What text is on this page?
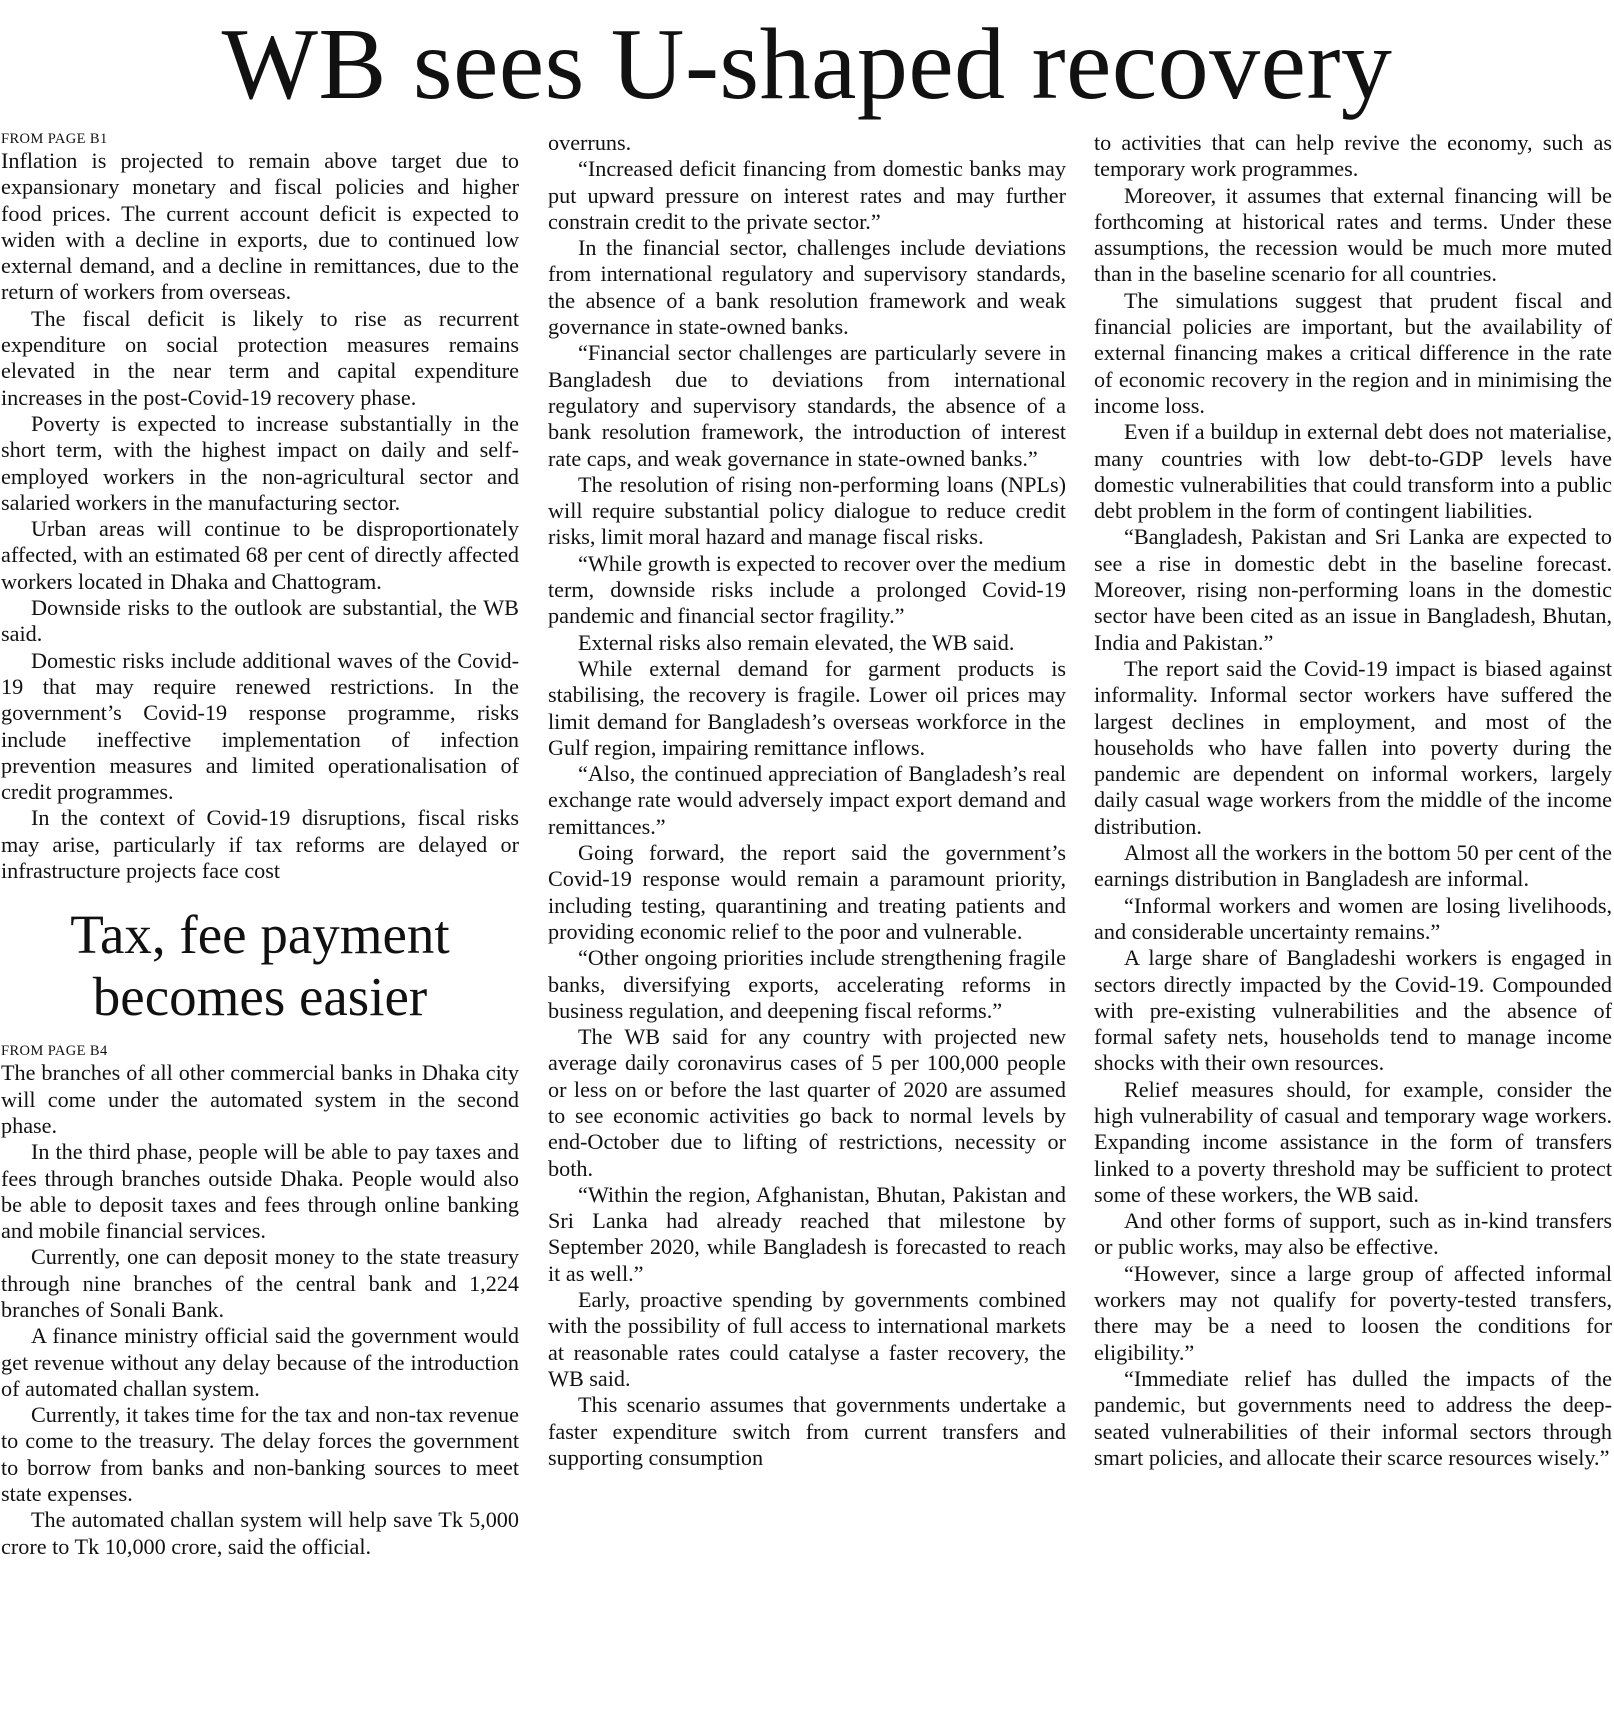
WB sees U-shaped recovery
FROM PAGE B1

Inflation is projected to remain above target due to expansionary monetary and fiscal policies and higher food prices. The current account deficit is expected to widen with a decline in exports, due to continued low external demand, and a decline in remittances, due to the return of workers from overseas.

The fiscal deficit is likely to rise as recurrent expenditure on social protection measures remains elevated in the near term and capital expenditure increases in the post-Covid-19 recovery phase.

Poverty is expected to increase substantially in the short term, with the highest impact on daily and self-employed workers in the non-agricultural sector and salaried workers in the manufacturing sector.

Urban areas will continue to be disproportionately affected, with an estimated 68 per cent of directly affected workers located in Dhaka and Chattogram.

Downside risks to the outlook are substantial, the WB said.

Domestic risks include additional waves of the Covid-19 that may require renewed restrictions. In the government’s Covid-19 response programme, risks include ineffective implementation of infection prevention measures and limited operationalisation of credit programmes.

In the context of Covid-19 disruptions, fiscal risks may arise, particularly if tax reforms are delayed or infrastructure projects face cost

Tax, fee payment
becomes easier
FROM PAGE B4

The branches of all other commercial banks in Dhaka city will come under the automated system in the second phase.

In the third phase, people will be able to pay taxes and fees through branches outside Dhaka. People would also be able to deposit taxes and fees through online banking and mobile financial services.

Currently, one can deposit money to the state treasury through nine branches of the central bank and 1,224 branches of Sonali Bank.

A finance ministry official said the government would get revenue without any delay because of the introduction of automated challan system.

Currently, it takes time for the tax and non-tax revenue to come to the treasury. The delay forces the government to borrow from banks and non-banking sources to meet state expenses.

The automated challan system will help save Tk 5,000 crore to Tk 10,000 crore, said the official.

overruns.

“Increased deficit financing from domestic banks may put upward pressure on interest rates and may further constrain credit to the private sector.”

In the financial sector, challenges include deviations from international regulatory and supervisory standards, the absence of a bank resolution framework and weak governance in state-owned banks.

“Financial sector challenges are particularly severe in Bangladesh due to deviations from international regulatory and supervisory standards, the absence of a bank resolution framework, the introduction of interest rate caps, and weak governance in state-owned banks.”

The resolution of rising non-performing loans (NPLs) will require substantial policy dialogue to reduce credit risks, limit moral hazard and manage fiscal risks.

“While growth is expected to recover over the medium term, downside risks include a prolonged Covid-19 pandemic and financial sector fragility.”

External risks also remain elevated, the WB said.

While external demand for garment products is stabilising, the recovery is fragile. Lower oil prices may limit demand for Bangladesh’s overseas workforce in the Gulf region, impairing remittance inflows.

“Also, the continued appreciation of Bangladesh’s real exchange rate would adversely impact export demand and remittances.”

Going forward, the report said the government’s Covid-19 response would remain a paramount priority, including testing, quarantining and treating patients and providing economic relief to the poor and vulnerable.

“Other ongoing priorities include strengthening fragile banks, diversifying exports, accelerating reforms in business regulation, and deepening fiscal reforms.”

The WB said for any country with projected new average daily coronavirus cases of 5 per 100,000 people or less on or before the last quarter of 2020 are assumed to see economic activities go back to normal levels by end-October due to lifting of restrictions, necessity or both.

“Within the region, Afghanistan, Bhutan, Pakistan and Sri Lanka had already reached that milestone by September 2020, while Bangladesh is forecasted to reach it as well.”

Early, proactive spending by governments combined with the possibility of full access to international markets at reasonable rates could catalyse a faster recovery, the WB said.

This scenario assumes that governments undertake a faster expenditure switch from current transfers and supporting consumption

to activities that can help revive the economy, such as temporary work programmes.

Moreover, it assumes that external financing will be forthcoming at historical rates and terms. Under these assumptions, the recession would be much more muted than in the baseline scenario for all countries.

The simulations suggest that prudent fiscal and financial policies are important, but the availability of external financing makes a critical difference in the rate of economic recovery in the region and in minimising the income loss.

Even if a buildup in external debt does not materialise, many countries with low debt-to-GDP levels have domestic vulnerabilities that could transform into a public debt problem in the form of contingent liabilities.

“Bangladesh, Pakistan and Sri Lanka are expected to see a rise in domestic debt in the baseline forecast. Moreover, rising non-performing loans in the domestic sector have been cited as an issue in Bangladesh, Bhutan, India and Pakistan.”

The report said the Covid-19 impact is biased against informality. Informal sector workers have suffered the largest declines in employment, and most of the households who have fallen into poverty during the pandemic are dependent on informal workers, largely daily casual wage workers from the middle of the income distribution.

Almost all the workers in the bottom 50 per cent of the earnings distribution in Bangladesh are informal.

“Informal workers and women are losing livelihoods, and considerable uncertainty remains.”

A large share of Bangladeshi workers is engaged in sectors directly impacted by the Covid-19. Compounded with pre-existing vulnerabilities and the absence of formal safety nets, households tend to manage income shocks with their own resources.

Relief measures should, for example, consider the high vulnerability of casual and temporary wage workers. Expanding income assistance in the form of transfers linked to a poverty threshold may be sufficient to protect some of these workers, the WB said.

And other forms of support, such as in-kind transfers or public works, may also be effective.

“However, since a large group of affected informal workers may not qualify for poverty-tested transfers, there may be a need to loosen the conditions for eligibility.”

“Immediate relief has dulled the impacts of the pandemic, but governments need to address the deep-seated vulnerabilities of their informal sectors through smart policies, and allocate their scarce resources wisely.”
